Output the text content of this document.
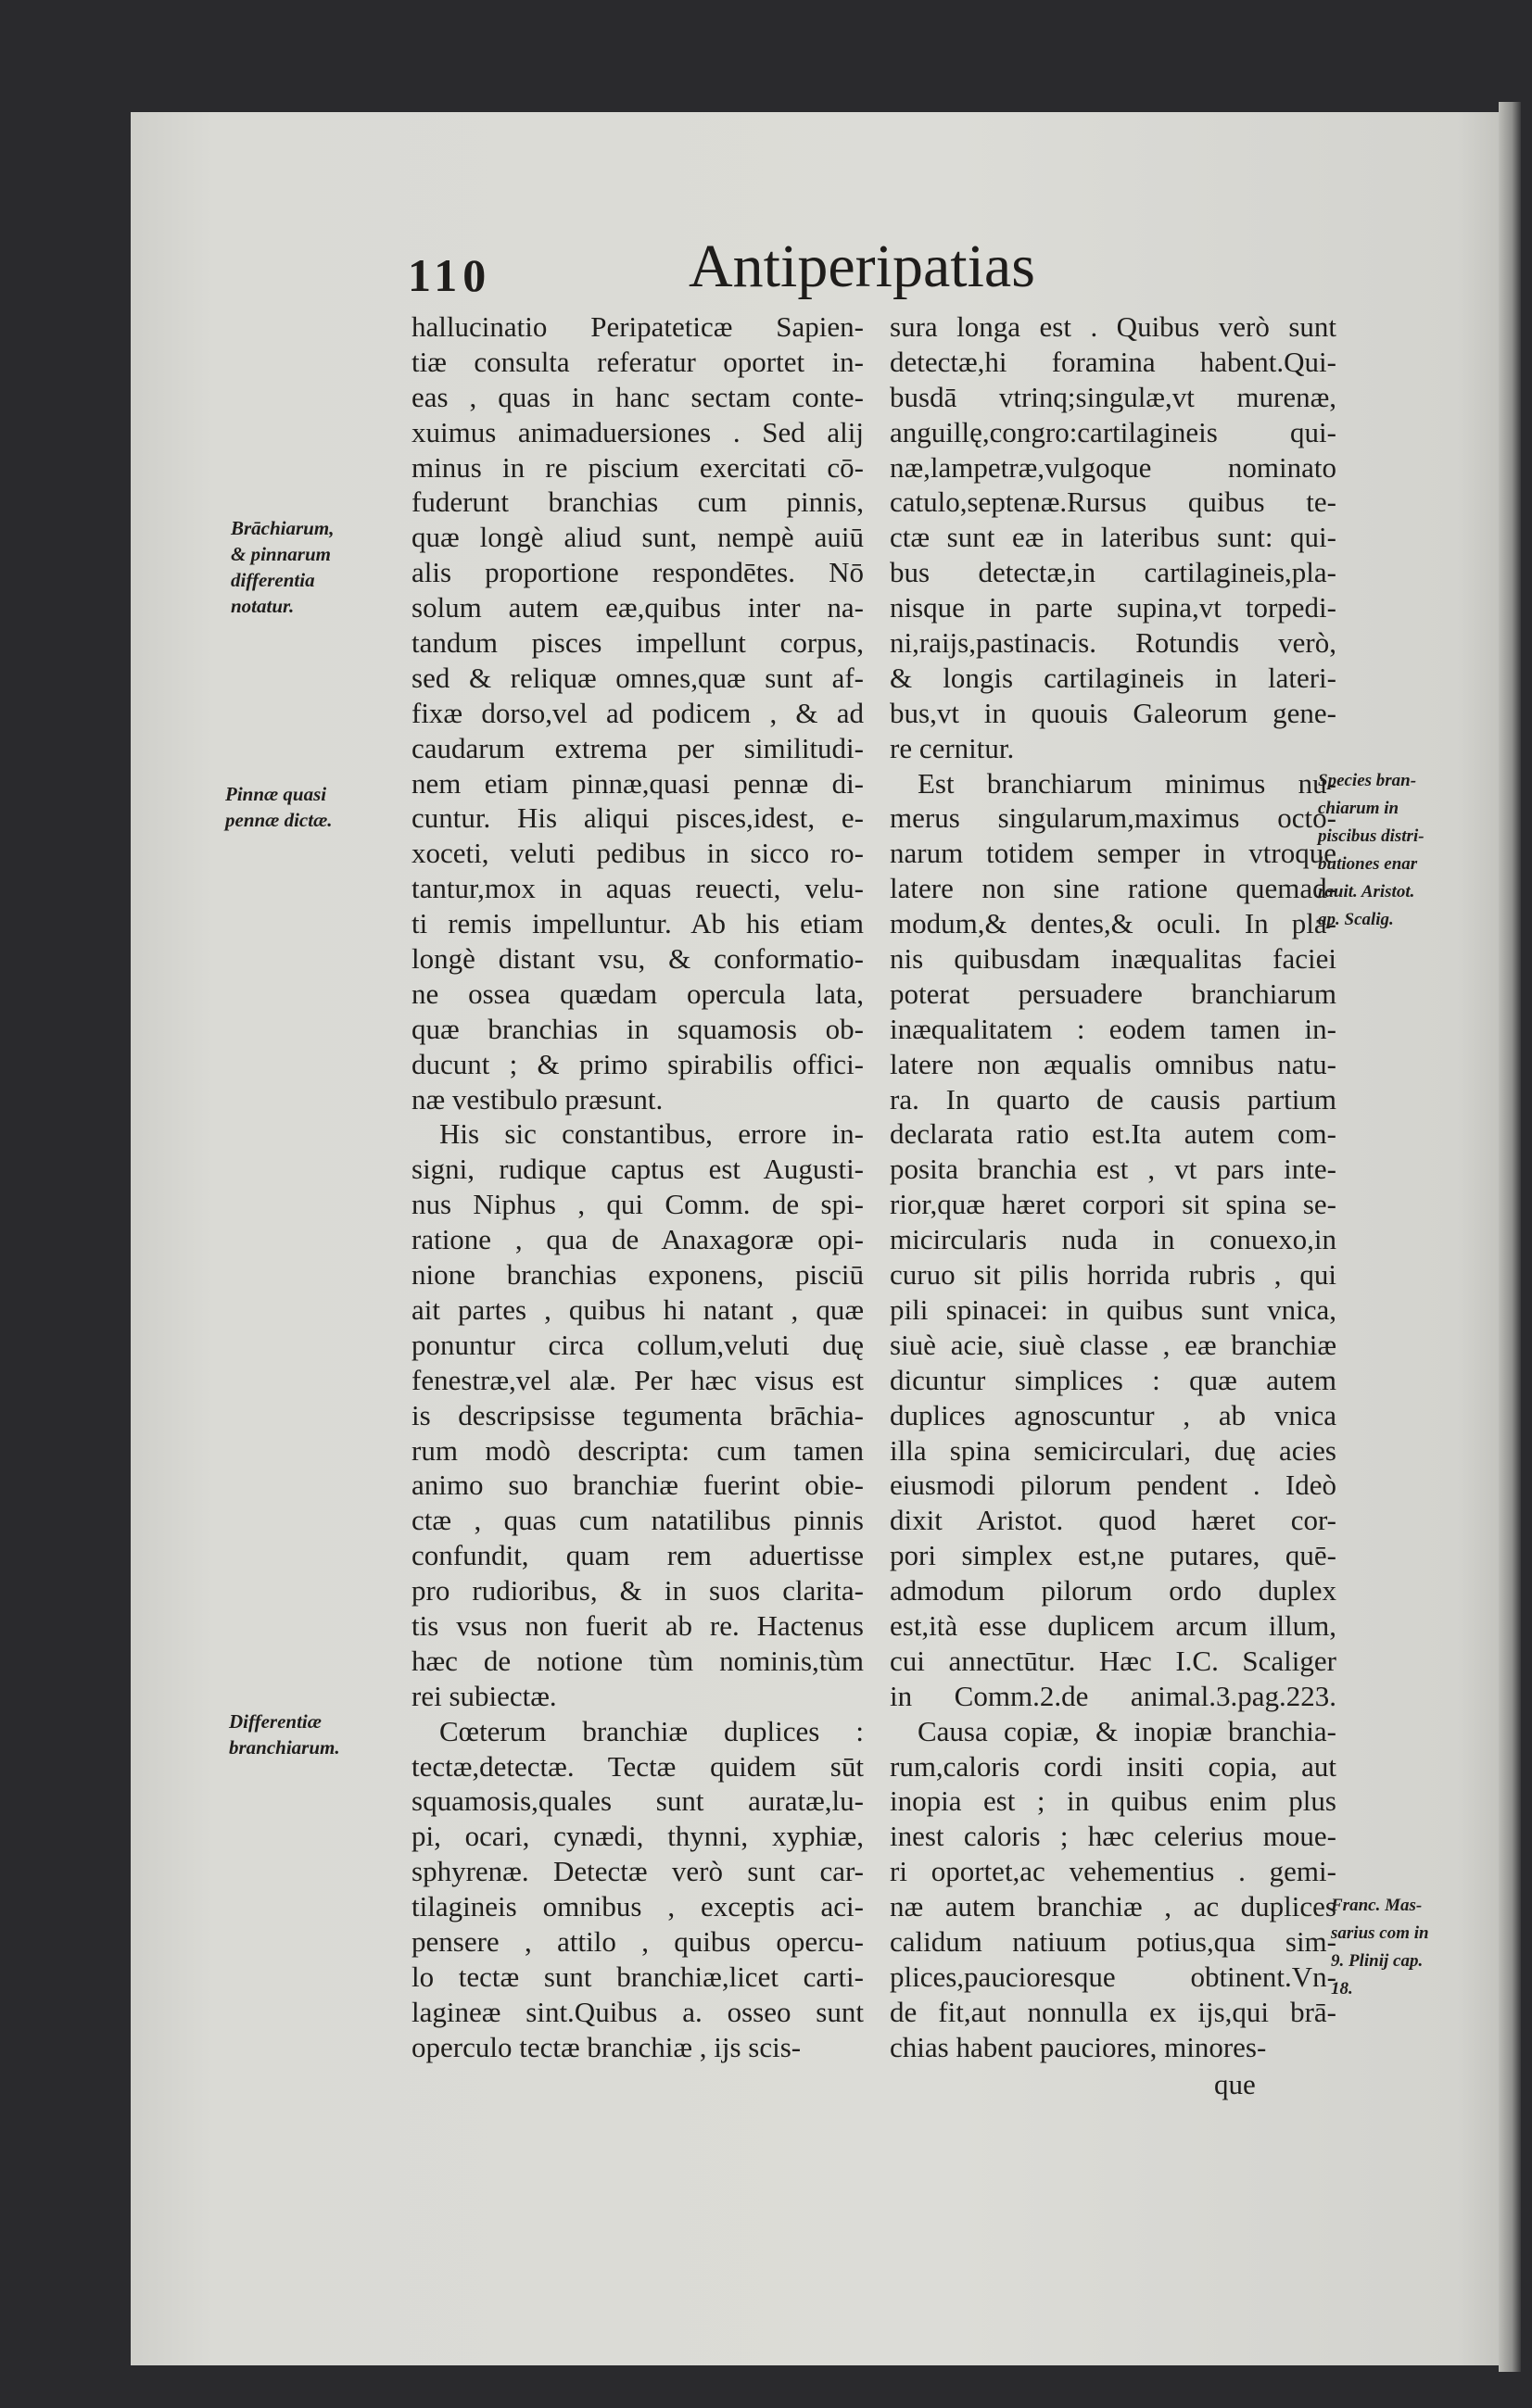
110	Antiperipatias
hallucinatio Peripateticæ Sapien-
tiæ consulta referatur oportet in-
eas , quas in hanc sectam conte-
xuimus animaduersiones . Sed alij
minus in re piscium exercitati cō-
fuderunt branchias cum pinnis,
quæ longè aliud sunt, nempè auiū
alis proportione respondētes. Nō
solum autem eæ,quibus inter na-
tandum pisces impellunt corpus,
sed & reliquæ omnes,quæ sunt af-
fixæ dorso,vel ad podicem , & ad
caudarum extrema per similitudi-
nem etiam pinnæ,quasi pennæ di-
cuntur. His aliqui pisces,idest, e-
xoceti, veluti pedibus in sicco ro-
tantur,mox in aquas reuecti, velu-
ti remis impelluntur. Ab his etiam
longè distant vsu, & conformatio-
ne ossea quædam opercula lata,
quæ branchias in squamosis ob-
ducunt ; & primo spirabilis offici-
næ vestibulo præsunt.
His sic constantibus, errore in-
signi, rudique captus est Augusti-
nus Niphus , qui Comm. de spi-
ratione , qua de Anaxagoræ opi-
nione branchias exponens, pisciū
ait partes , quibus hi natant , quæ
ponuntur circa collum,veluti duę
fenestræ,vel alæ. Per hæc visus est
is descripsisse tegumenta brāchia-
rum modò descripta: cum tamen
animo suo branchiæ fuerint obie-
ctæ , quas cum natatilibus pinnis
confundit, quam rem aduertisse
pro rudioribus, & in suos clarita-
tis vsus non fuerit ab re. Hactenus
hæc de notione tùm nominis,tùm
rei subiectæ.
Cœterum branchiæ duplices :
tectæ,detectæ. Tectæ quidem sūt
squamosis,quales sunt auratæ,lu-
pi, ocari, cynædi, thynni, xyphiæ,
sphyrenæ. Detectæ verò sunt car-
tilagineis omnibus , exceptis aci-
pensere , attilo , quibus opercu-
lo tectæ sunt branchiæ,licet carti-
lagineæ sint.Quibus a. osseo sunt
operculo tectæ branchiæ , ijs scis-
sura longa est . Quibus verò sunt
detectæ,hi foramina habent.Qui-
busdā vtrinq;singulæ,vt murenæ,
anguillę,congro:cartilagineis qui-
næ,lampetræ,vulgoque nominato
catulo,septenæ.Rursus quibus te-
ctæ sunt eæ in lateribus sunt: qui-
bus detectæ,in cartilagineis,pla-
nisque in parte supina,vt torpedi-
ni,raijs,pastinacis. Rotundis verò,
& longis cartilagineis in lateri-
bus,vt in quouis Galeorum gene-
re cernitur.
Est branchiarum minimus nu-
merus singularum,maximus octo-
narum totidem semper in vtroque
latere non sine ratione quemad-
modum,& dentes,& oculi. In pla-
nis quibusdam inæqualitas faciei
poterat persuadere branchiarum
inæqualitatem : eodem tamen in-
latere non æqualis omnibus natu-
ra. In quarto de causis partium
declarata ratio est.Ita autem com-
posita branchia est , vt pars inte-
rior,quæ hæret corpori sit spina se-
micircularis nuda in conuexo,in
curuo sit pilis horrida rubris , qui
pili spinacei: in quibus sunt vnica,
siuè acie, siuè classe , eæ branchiæ
dicuntur simplices : quæ autem
duplices agnoscuntur , ab vnica
illa spina semicirculari, duę acies
eiusmodi pilorum pendent . Ideò
dixit Aristot. quod hæret cor-
pori simplex est,ne putares, quē-
admodum pilorum ordo duplex
est,ità esse duplicem arcum illum,
cui annectūtur. Hæc I.C. Scaliger
in Comm.2.de animal.3.pag.223.
Causa copiæ, & inopiæ branchia-
rum,caloris cordi insiti copia, aut
inopia est ; in quibus enim plus
inest caloris ; hæc celerius moue-
ri oportet,ac vehementius . gemi-
næ autem branchiæ , ac duplices
calidum natiuum potius,qua sim-
plices,paucioresque obtinent.Vn-
de fit,aut nonnulla ex ijs,qui brā-
chias habent pauciores, minores-
Brāchiarum,
& pinnarum
differentia
notatur.
Pinnæ quasi
pennæ dictæ.
Differentiæ
branchiarum.
Species bran-
chiarum in
piscibus distri-
butiones enar
rauit. Aristot.
ap. Scalig.
Franc. Mas-
sarius com in
9. Plinij cap.
18.
que
